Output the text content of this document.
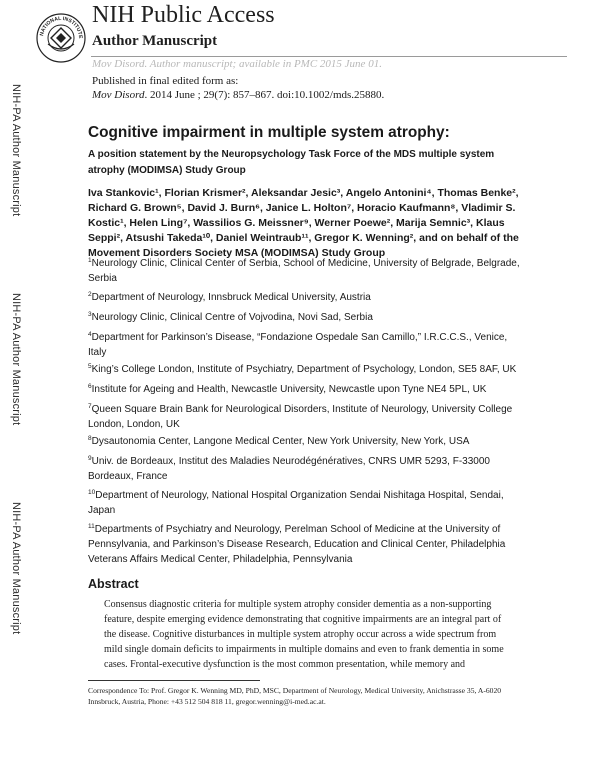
NATIONAL INSTITUTE
NIH Public Access
Author Manuscript
Mov Disord. Author manuscript; available in PMC 2015 June 01.
NIH-PA Author Manuscript
NIH-PA Author Manuscript
NIH-PA Author Manuscript
Published in final edited form as:
Mov Disord. 2014 June ; 29(7): 857–867. doi:10.1002/mds.25880.
Cognitive impairment in multiple system atrophy:
A position statement by the Neuropsychology Task Force of the MDS multiple system atrophy (MODIMSA) Study Group
Iva Stankovic¹, Florian Krismer², Aleksandar Jesic³, Angelo Antonini⁴, Thomas Benke², Richard G. Brown⁵, David J. Burn⁶, Janice L. Holton⁷, Horacio Kaufmann⁸, Vladimir S. Kostic¹, Helen Ling⁷, Wassilios G. Meissner⁹, Werner Poewe², Marija Semnic³, Klaus Seppi², Atsushi Takeda¹⁰, Daniel Weintraub¹¹, Gregor K. Wenning², and on behalf of the Movement Disorders Society MSA (MODIMSA) Study Group
$^1$Neurology Clinic, Clinical Center of Serbia, School of Medicine, University of Belgrade, Belgrade, Serbia
$^2$Department of Neurology, Innsbruck Medical University, Austria
$^3$Neurology Clinic, Clinical Centre of Vojvodina, Novi Sad, Serbia
$^4$Department for Parkinson’s Disease, “Fondazione Ospedale San Camillo,” I.R.C.C.S., Venice, Italy
$^5$King’s College London, Institute of Psychiatry, Department of Psychology, London, SE5 8AF, UK
$^6$Institute for Ageing and Health, Newcastle University, Newcastle upon Tyne NE4 5PL, UK
$^7$Queen Square Brain Bank for Neurological Disorders, Institute of Neurology, University College London, London, UK
$^8$Dysautonomia Center, Langone Medical Center, New York University, New York, USA
$^9$Univ. de Bordeaux, Institut des Maladies Neurodégénératives, CNRS UMR 5293, F-33000 Bordeaux, France
$^{10}$Department of Neurology, National Hospital Organization Sendai Nishitaga Hospital, Sendai, Japan
$^{11}$Departments of Psychiatry and Neurology, Perelman School of Medicine at the University of Pennsylvania, and Parkinson’s Disease Research, Education and Clinical Center, Philadelphia Veterans Affairs Medical Center, Philadelphia, Pennsylvania
Abstract
Consensus diagnostic criteria for multiple system atrophy consider dementia as a non-supporting feature, despite emerging evidence demonstrating that cognitive impairments are an integral part of the disease. Cognitive disturbances in multiple system atrophy occur across a wide spectrum from mild single domain deficits to impairments in multiple domains and even to frank dementia in some cases. Frontal-executive dysfunction is the most common presentation, while memory and
Correspondence To: Prof. Gregor K. Wenning MD, PhD, MSC, Department of Neurology, Medical University, Anichstrasse 35, A-6020 Innsbruck, Austria, Phone: +43 512 504 818 11, gregor.wenning@i-med.ac.at.
